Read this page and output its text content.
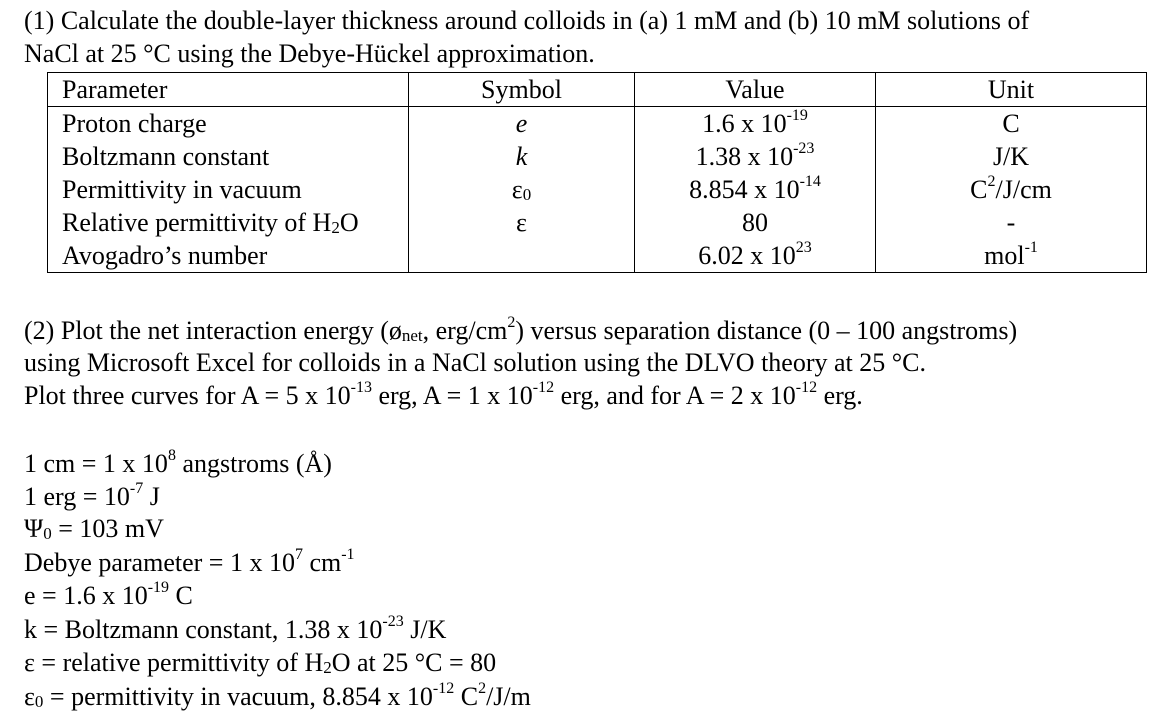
(1) Calculate the double-layer thickness around colloids in (a) 1 mM and (b) 10 mM solutions of
NaCl at 25 °C using the Debye-Hückel approximation.
Parameter	Symbol	Value	Unit
Proton charge	e	1.6 x $10^{-19}$	C
Boltzmann constant	k	1.38 x $10^{-23}$	J/K
Permittivity in vacuum	ε0	8.854 x $10^{-14}$	$C^2/J/cm$
Relative permittivity of H2O	ε	80	-
Avogadro’s number		6.02 x $10^{23}$	mol$^{-1}$
(2) Plot the net interaction energy (ønet, erg/$cm^2$) versus separation distance (0 – 100 angstroms)
using Microsoft Excel for colloids in a NaCl solution using the DLVO theory at 25 °C.
Plot three curves for A = 5 x $10^{-13}$ erg, A = 1 x $10^{-12}$ erg, and for A = 2 x $10^{-12}$ erg.
1 cm = 1 x $10^8$ angstroms (Å)
1 erg = $10^{-7}$ J
Ψ0 = 103 mV
Debye parameter = 1 x $10^7$ $cm^{-1}$
e = 1.6 x $10^{-19}$ C
k = Boltzmann constant, 1.38 x $10^{-23}$ J/K
ε = relative permittivity of H2O at 25 °C = 80
ε0 = permittivity in vacuum, 8.854 x $10^{-12}$ $C^2/J/m$
